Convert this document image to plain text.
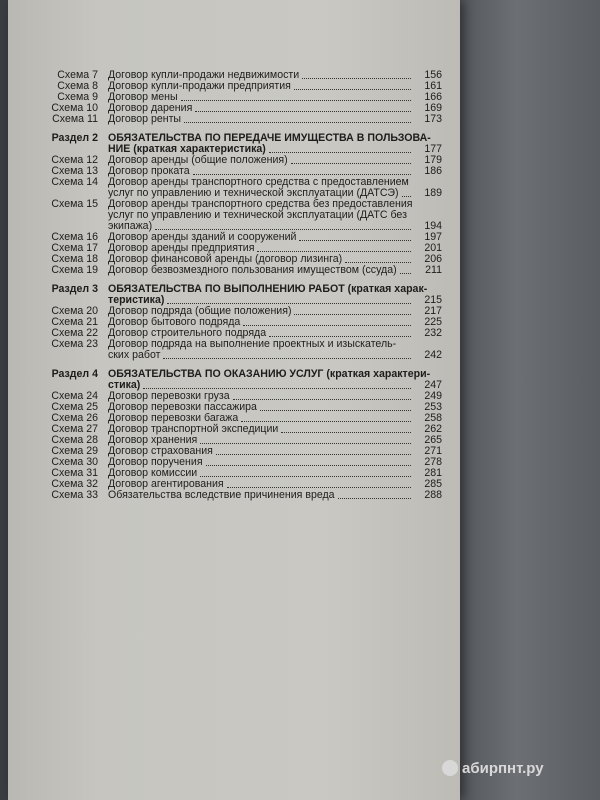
Схема 7 Договор купли-продажи недвижимости	156
Схема 8 Договор купли-продажи предприятия	161
Схема 9 Договор мены	166
Схема 10 Договор дарения	169
Схема 11 Договор ренты	173
Раздел 2 ОБЯЗАТЕЛЬСТВА ПО ПЕРЕДАЧЕ ИМУЩЕСТВА В ПОЛЬЗОВА-
НИЕ (краткая характеристика)	177
Схема 12 Договор аренды (общие положения)	179
Схема 13 Договор проката	186
Схема 14 Договор аренды транспортного средства с предоставлением
услуг по управлению и технической эксплуатации (ДАТСЭ)	189
Схема 15 Договор аренды транспортного средства без предоставления
услуг по управлению и технической эксплуатации (ДАТС без
экипажа)	194
Схема 16 Договор аренды зданий и сооружений	197
Схема 17 Договор аренды предприятия	201
Схема 18 Договор финансовой аренды (договор лизинга)	206
Схема 19 Договор безвозмездного пользования имуществом (ссуда)	211
Раздел 3 ОБЯЗАТЕЛЬСТВА ПО ВЫПОЛНЕНИЮ РАБОТ (краткая харак-
теристика)	215
Схема 20 Договор подряда (общие положения)	217
Схема 21 Договор бытового подряда	225
Схема 22 Договор строительного подряда	232
Схема 23 Договор подряда на выполнение проектных и изыскатель-
ских работ	242
Раздел 4 ОБЯЗАТЕЛЬСТВА ПО ОКАЗАНИЮ УСЛУГ (краткая характери-
стика)	247
Схема 24 Договор перевозки груза	249
Схема 25 Договор перевозки пассажира	253
Схема 26 Договор перевозки багажа	258
Схема 27 Договор транспортной экспедиции	262
Схема 28 Договор хранения	265
Схема 29 Договор страхования	271
Схема 30 Договор поручения	278
Схема 31 Договор комиссии	281
Схема 32 Договор агентирования	285
Схема 33 Обязательства вследствие причинения вреда	288
абирпнт.ру
